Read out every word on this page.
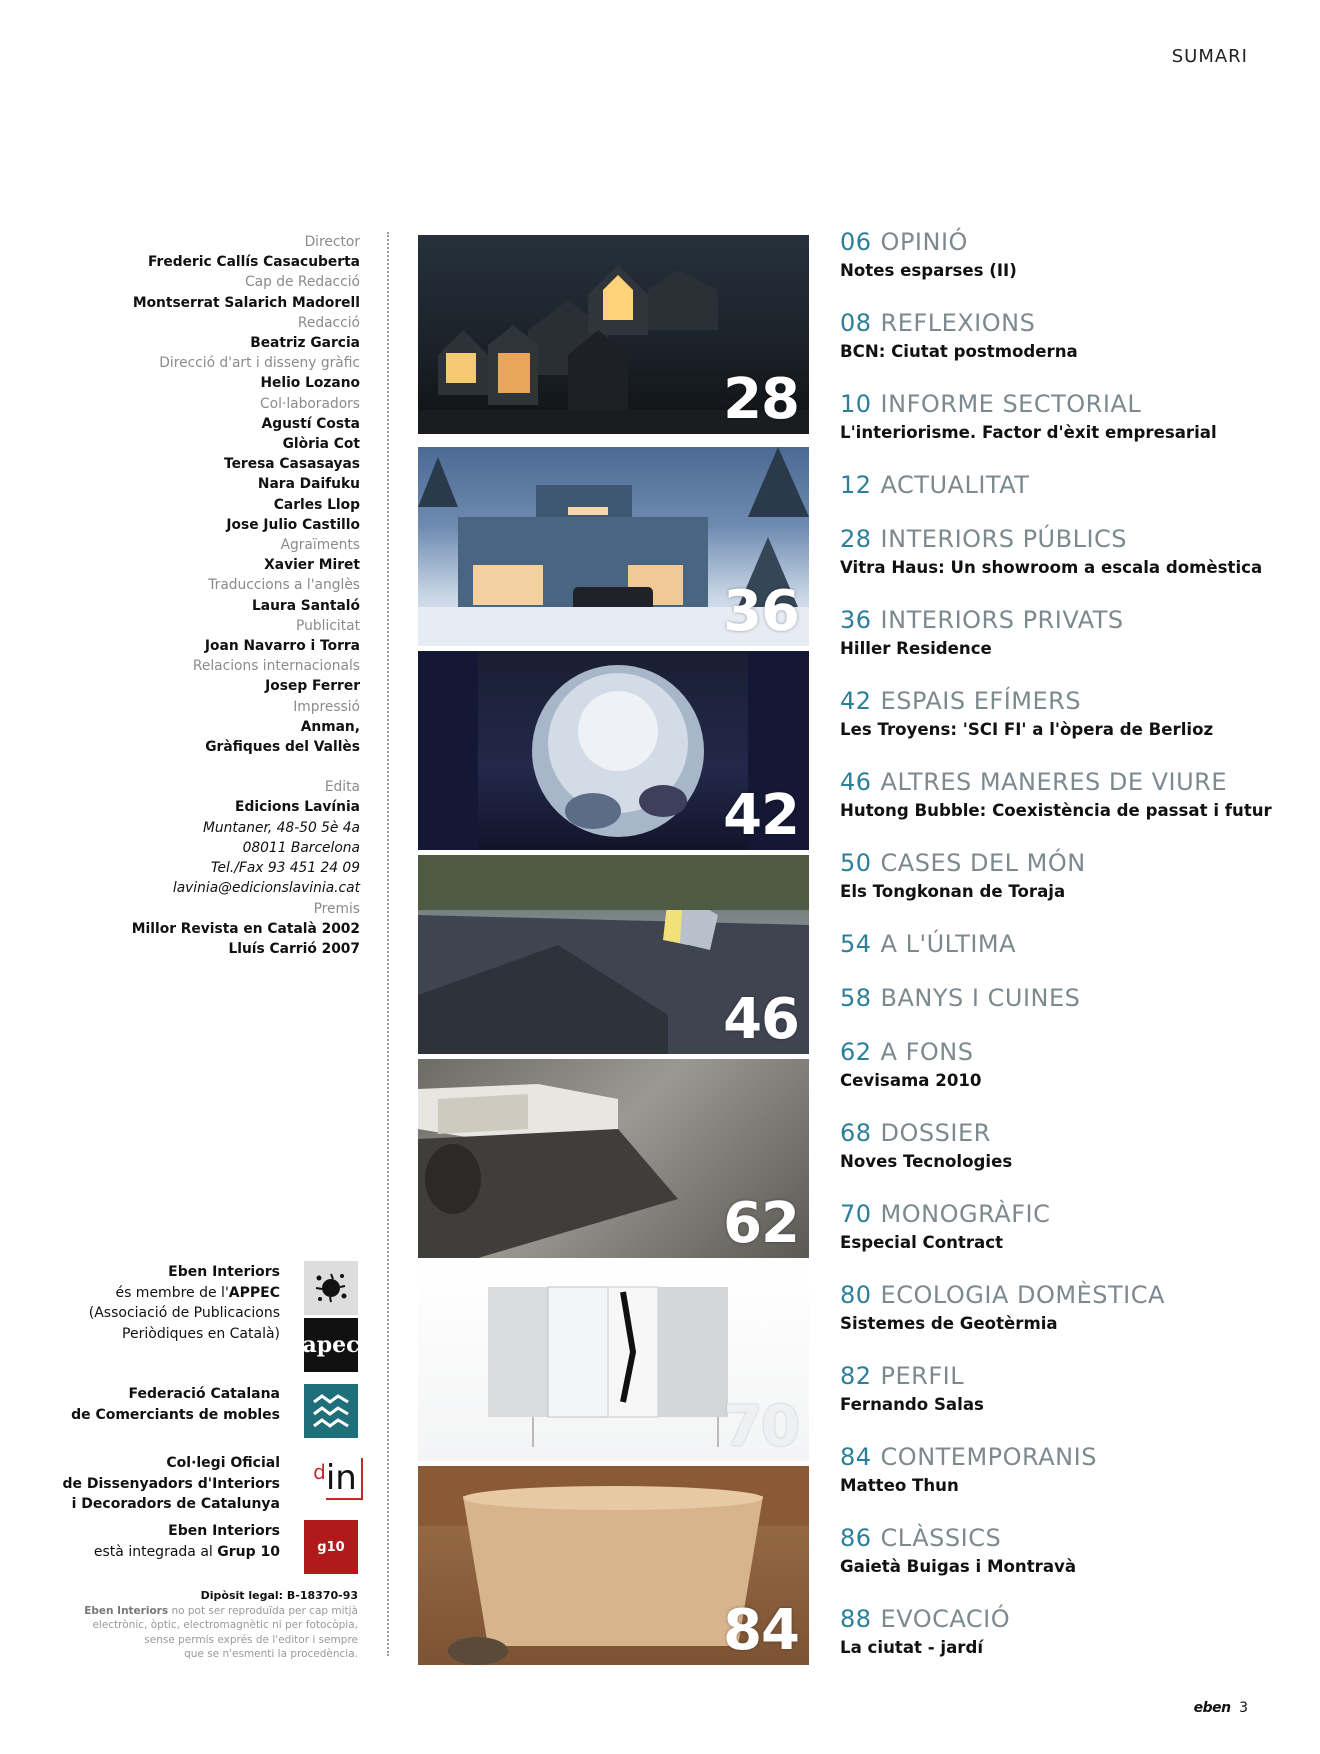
SUMARI
Director
Frederic Callís Casacuberta
Cap de Redacció
Montserrat Salarich Madorell
Redacció
Beatriz Garcia
Direcció d'art i disseny gràfic
Helio Lozano
Col·laboradors
Agustí Costa
Glòria Cot
Teresa Casasayas
Nara Daifuku
Carles Llop
Jose Julio Castillo
Agraïments
Xavier Miret
Traduccions a l'anglès
Laura Santaló
Publicitat
Joan Navarro i Torra
Relacions internacionals
Josep Ferrer
Impressió
Anman,
Gràfiques del Vallès
Edita
Edicions Lavínia
Muntaner, 48-50 5è 4a
08011 Barcelona
Tel./Fax 93 451 24 09
lavinia@edicionslavinia.cat
Premis
Millor Revista en Català 2002
Lluís Carrió 2007
Eben Interiors
és membre de l'APPEC
(Associació de Publicacions
Periòdiques en Català) apec
Federació Catalana
de Comerciants de mobles
Col·legi Oficial
de Dissenyadors d'Interiors
i Decoradors de Catalunya
d in
Eben Interiors
està integrada al Grup 10	g10
Dipòsit legal: B-18370-93
Eben Interiors no pot ser reproduïda per cap mitjà
electrònic, òptic, electromagnètic ni per fotocòpia,
sense permís exprés de l'editor i sempre
que se n'esmenti la procedència.
28
36
42
46
62
70
84
06 OPINIÓ
Notes esparses (II)
08 REFLEXIONS
BCN: Ciutat postmoderna
10 INFORME SECTORIAL
L'interiorisme. Factor d'èxit empresarial
12 ACTUALITAT
28 INTERIORS PÚBLICS
Vitra Haus: Un showroom a escala domèstica
36 INTERIORS PRIVATS
Hiller Residence
42 ESPAIS EFÍMERS
Les Troyens: 'SCI FI' a l'òpera de Berlioz
46 ALTRES MANERES DE VIURE
Hutong Bubble: Coexistència de passat i futur
50 CASES DEL MÓN
Els Tongkonan de Toraja
54 A L'ÚLTIMA
58 BANYS I CUINES
62 A FONS
Cevisama 2010
68 DOSSIER
Noves Tecnologies
70 MONOGRÀFIC
Especial Contract
80 ECOLOGIA DOMÈSTICA
Sistemes de Geotèrmia
82 PERFIL
Fernando Salas
84 CONTEMPORANIS
Matteo Thun
86 CLÀSSICS
Gaietà Buigas i Montravà
88 EVOCACIÓ
La ciutat - jardí
eben 3
